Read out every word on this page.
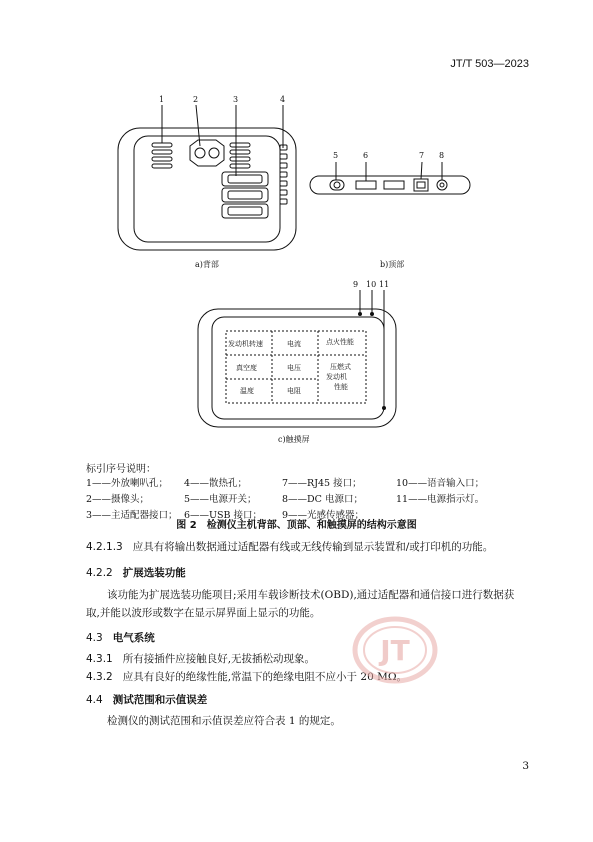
JT/T 503—2023
1	2	3	4
5	6	7 8
a)背部	b)顶部
9 10 11
发动机转速	电流	点火性能
真空度	电压	压燃式
发动机
性能
温度	电阻
c)触摸屏
标引序号说明：
1——外放喇叭孔；	4——散热孔；	7——RJ45 接口；	10——语音输入口；
2——摄像头；	5——电源开关；	8——DC 电源口；	11——电源指示灯。
3——主适配器接口； 6——USB 接口；	9——光感传感器；
图 2　检测仪主机背部、顶部、和触摸屏的结构示意图
4.2.1.3 应具有将输出数据通过适配器有线或无线传输到显示装置和/或打印机的功能。
4.2.2 扩展选装功能
该功能为扩展选装功能项目;采用车载诊断技术(OBD),通过适配器和通信接口进行数据获取,并能以波形或数字在显示屏界面上显示的功能。
4.3 电气系统
4.3.1 所有接插件应接触良好,无拔插松动现象。
4.3.2 应具有良好的绝缘性能,常温下的绝缘电阻不应小于 20 MΩ。
4.4 测试范围和示值误差
检测仪的测试范围和示值误差应符合表 1 的规定。
JT
3
